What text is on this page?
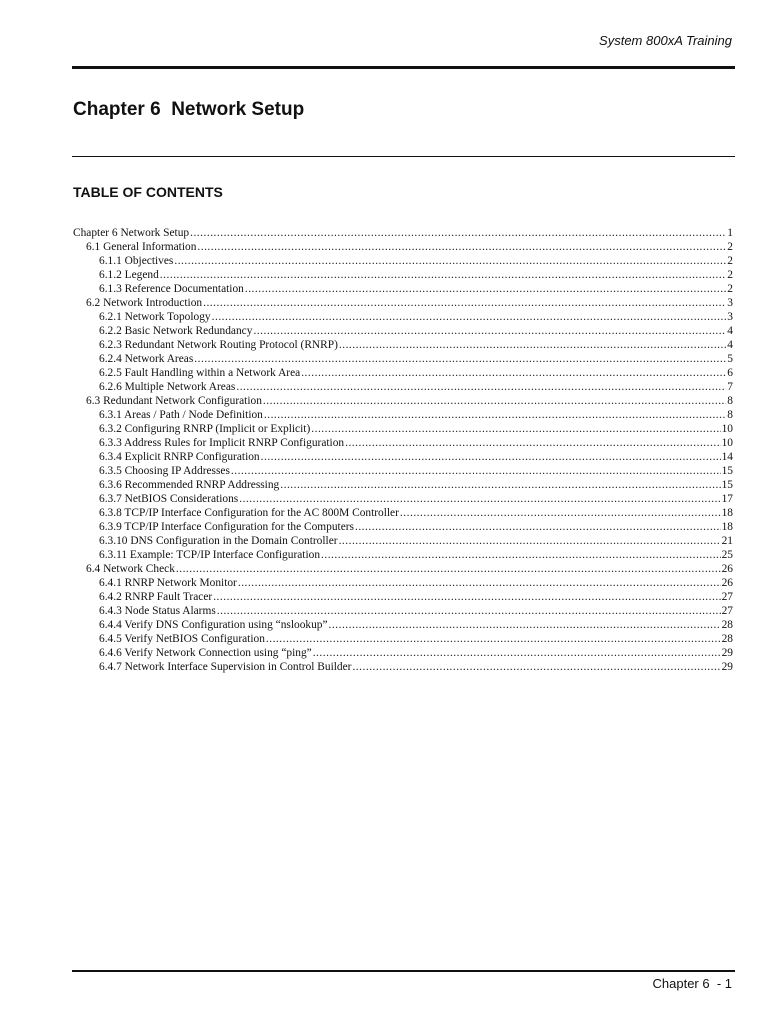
System 800xA Training
Chapter 6  Network Setup
TABLE OF CONTENTS
Chapter 6 Network Setup .....	1
6.1 General Information .....	2
6.1.1 Objectives .....	2
6.1.2 Legend .....	2
6.1.3 Reference Documentation .....	2
6.2 Network Introduction .....	3
6.2.1 Network Topology .....	3
6.2.2 Basic Network Redundancy .....	4
6.2.3 Redundant Network Routing Protocol (RNRP) .....	4
6.2.4 Network Areas .....	5
6.2.5 Fault Handling within a Network Area .....	6
6.2.6 Multiple Network Areas .....	7
6.3 Redundant Network Configuration .....	8
6.3.1 Areas / Path / Node Definition .....	8
6.3.2 Configuring RNRP (Implicit or Explicit) .....	10
6.3.3 Address Rules for Implicit RNRP Configuration .....	10
6.3.4 Explicit RNRP Configuration .....	14
6.3.5 Choosing IP Addresses .....	15
6.3.6 Recommended RNRP Addressing .....	15
6.3.7 NetBIOS Considerations .....	17
6.3.8 TCP/IP Interface Configuration for the AC 800M Controller .....	18
6.3.9 TCP/IP Interface Configuration for the Computers .....	18
6.3.10 DNS Configuration in the Domain Controller .....	21
6.3.11 Example: TCP/IP Interface Configuration .....	25
6.4 Network Check .....	26
6.4.1 RNRP Network Monitor .....	26
6.4.2 RNRP Fault Tracer .....	27
6.4.3 Node Status Alarms .....	27
6.4.4 Verify DNS Configuration using “nslookup” .....	28
6.4.5 Verify NetBIOS Configuration .....	28
6.4.6 Verify Network Connection using “ping” .....	29
6.4.7 Network Interface Supervision in Control Builder .....	29
Chapter 6  - 1
